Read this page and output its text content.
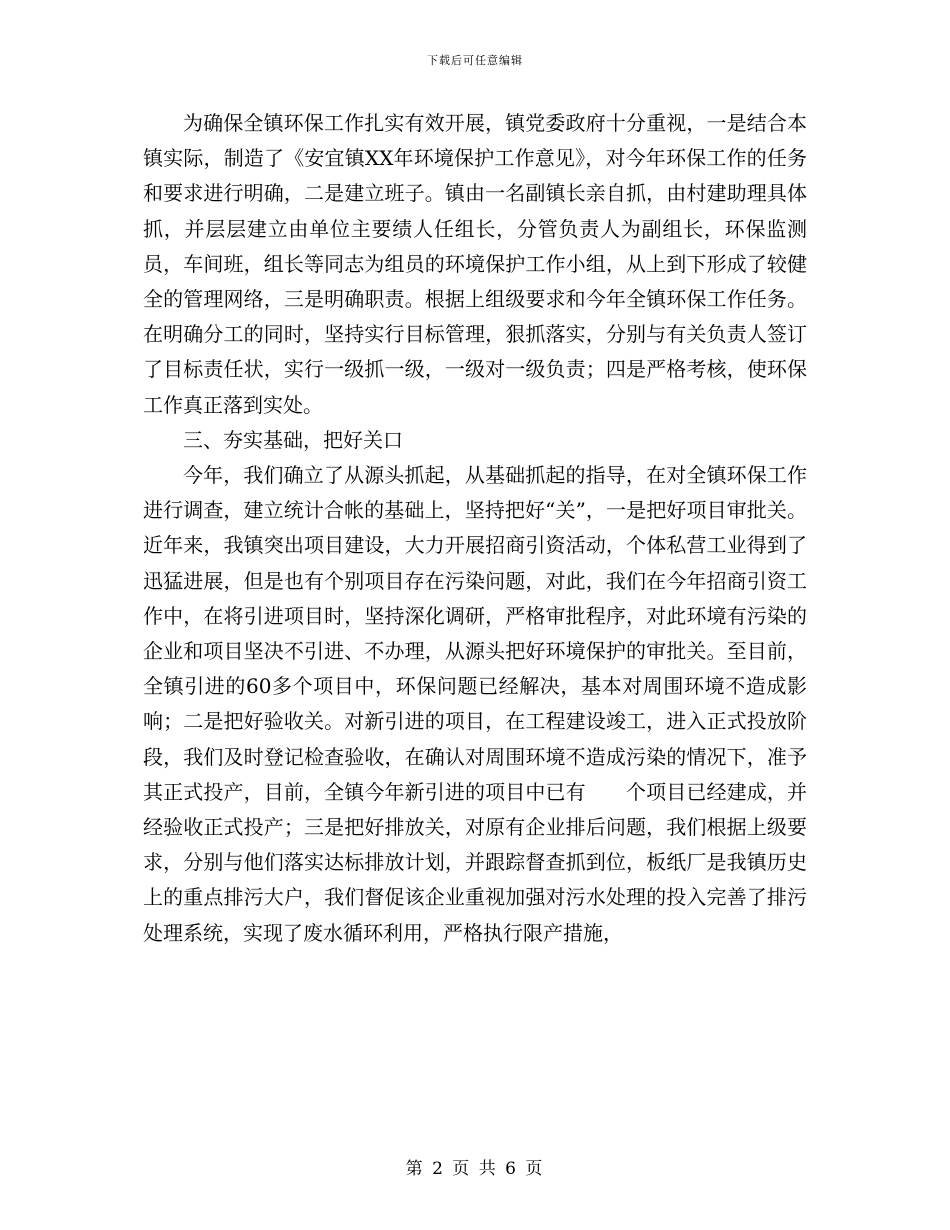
下载后可任意编辑

为确保全镇环保工作扎实有效开展，镇党委政府十分重视，一是结合本镇实际，制造了《安宜镇XX年环境保护工作意见》，对今年环保工作的任务和要求进行明确，二是建立班子。镇由一名副镇长亲自抓，由村建助理具体抓，并层层建立由单位主要绩人任组长，分管负责人为副组长，环保监测员，车间班，组长等同志为组员的环境保护工作小组，从上到下形成了较健全的管理网络，三是明确职责。根据上组级要求和今年全镇环保工作任务。在明确分工的同时，坚持实行目标管理，狠抓落实，分别与有关负责人签订了目标责任状，实行一级抓一级，一级对一级负责；四是严格考核，使环保工作真正落到实处。

三、夯实基础，把好关口

今年，我们确立了从源头抓起，从基础抓起的指导，在对全镇环保工作进行调查，建立统计合帐的基础上，坚持把好“关”，一是把好项目审批关。近年来，我镇突出项目建设，大力开展招商引资活动，个体私营工业得到了迅猛进展，但是也有个别项目存在污染问题，对此，我们在今年招商引资工作中，在将引进项目时，坚持深化调研，严格审批程序，对此环境有污染的企业和项目坚决不引进、不办理，从源头把好环境保护的审批关。至目前，全镇引进的60多个项目中，环保问题已经解决，基本对周围环境不造成影响；二是把好验收关。对新引进的项目，在工程建设竣工，进入正式投放阶段，我们及时登记检查验收，在确认对周围环境不造成污染的情况下，准予其正式投产，目前，全镇今年新引进的项目中已有　　个项目已经建成，并经验收正式投产；三是把好排放关，对原有企业排后问题，我们根据上级要求，分别与他们落实达标排放计划，并跟踪督查抓到位，板纸厂是我镇历史上的重点排污大户，我们督促该企业重视加强对污水处理的投入完善了排污处理系统，实现了废水循环利用，严格执行限产措施，

第 2 页 共 6 页
